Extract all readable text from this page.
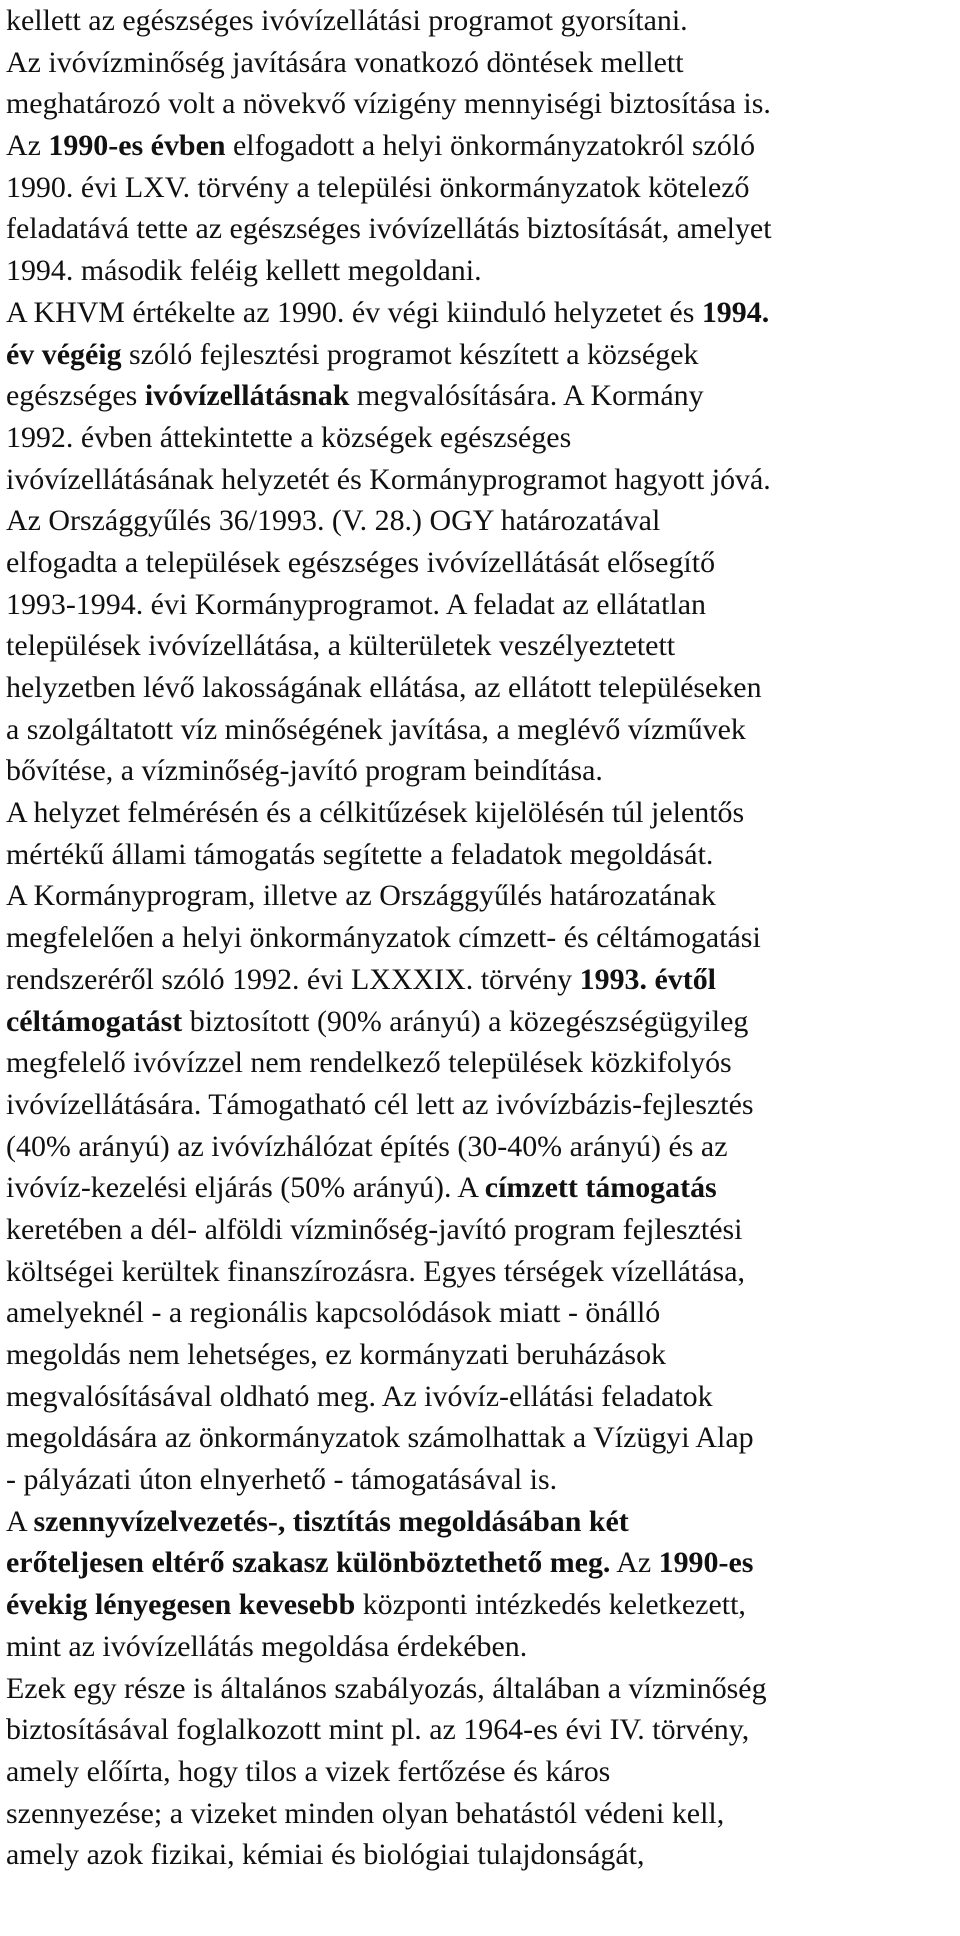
kellett az egészséges ivóvízellátási programot gyorsítani.
Az ivóvízminőség javítására vonatkozó döntések mellett
meghatározó volt a növekvő vízigény mennyiségi biztosítása is.
Az 1990-es évben elfogadott a helyi önkormányzatokról szóló
1990. évi LXV. törvény a települési önkormányzatok kötelező
feladatává tette az egészséges ivóvízellátás biztosítását, amelyet
1994. második feléig kellett megoldani.
A KHVM értékelte az 1990. év végi kiinduló helyzetet és 1994.
év végéig szóló fejlesztési programot készített a községek
egészséges ivóvízellátásnak megvalósítására. A Kormány
1992. évben áttekintette a községek egészséges
ivóvízellátásának helyzetét és Kormányprogramot hagyott jóvá.
Az Országgyűlés 36/1993. (V. 28.) OGY határozatával
elfogadta a települések egészséges ivóvízellátását elősegítő
1993-1994. évi Kormányprogramot. A feladat az ellátatlan
települések ivóvízellátása, a külterületek veszélyeztetett
helyzetben lévő lakosságának ellátása, az ellátott településeken
a szolgáltatott víz minőségének javítása, a meglévő vízművek
bővítése, a vízminőség-javító program beindítása.
A helyzet felmérésén és a célkitűzések kijelölésén túl jelentős
mértékű állami támogatás segítette a feladatok megoldását.
A Kormányprogram, illetve az Országgyűlés határozatának
megfelelően a helyi önkormányzatok címzett- és céltámogatási
rendszeréről szóló 1992. évi LXXXIX. törvény 1993. évtől
céltámogatást biztosított (90% arányú) a közegészségügyileg
megfelelő ivóvízzel nem rendelkező települések közkifolyós
ivóvízellátására. Támogatható cél lett az ivóvízbázis-fejlesztés
(40% arányú) az ivóvízhálózat építés (30-40% arányú) és az
ivóvíz-kezelési eljárás (50% arányú). A címzett támogatás
keretében a dél- alföldi vízminőség-javító program fejlesztési
költségei kerültek finanszírozásra. Egyes térségek vízellátása,
amelyeknél - a regionális kapcsolódások miatt - önálló
megoldás nem lehetséges, ez kormányzati beruházások
megvalósításával oldható meg. Az ivóvíz-ellátási feladatok
megoldására az önkormányzatok számolhattak a Vízügyi Alap
- pályázati úton elnyerhető - támogatásával is.
A szennyvízelvezetés-, tisztítás megoldásában két
erőteljesen eltérő szakasz különböztethető meg. Az 1990-es
évekig lényegesen kevesebb központi intézkedés keletkezett,
mint az ivóvízellátás megoldása érdekében.
Ezek egy része is általános szabályozás, általában a vízminőség
biztosításával foglalkozott mint pl. az 1964-es évi IV. törvény,
amely előírta, hogy tilos a vizek fertőzése és káros
szennyezése; a vizeket minden olyan behatástól védeni kell,
amely azok fizikai, kémiai és biológiai tulajdonságát,
